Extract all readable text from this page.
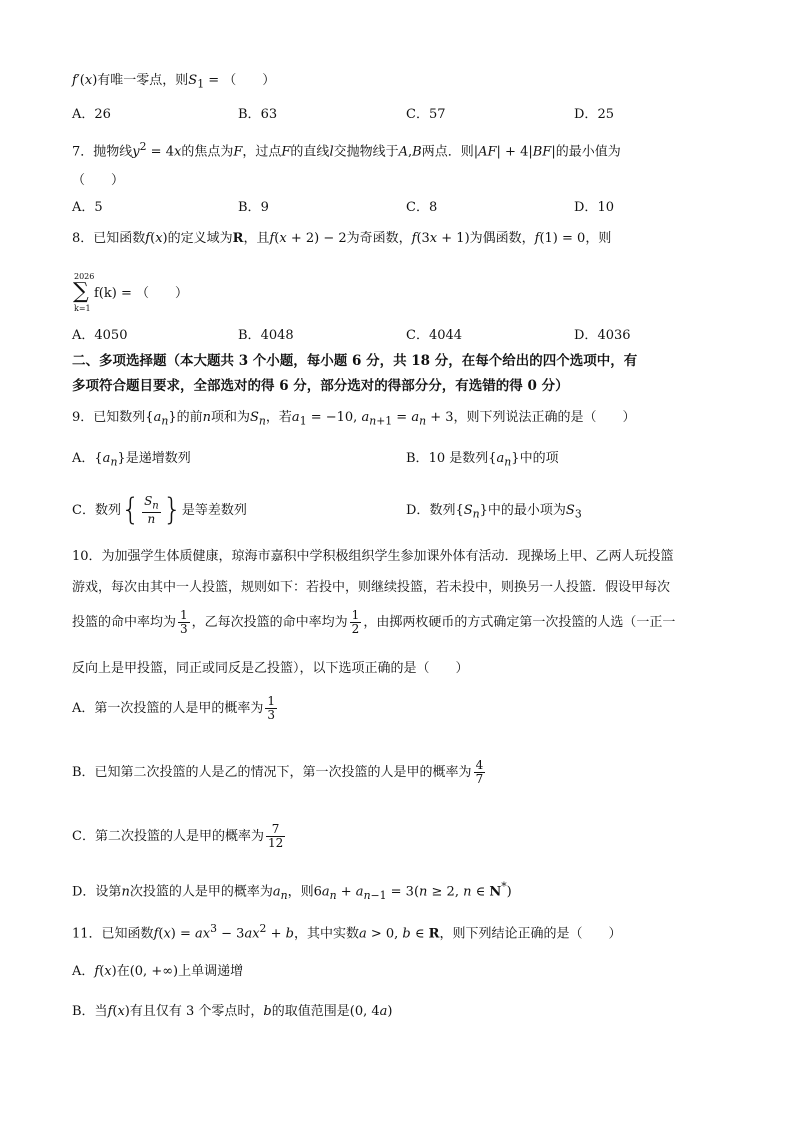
f′(x)有唯一零点，则$S_1$ = （　　）
A．26	B．63	C．57	D．25
7．抛物线$y^2 = 4x$的焦点为F，过点F的直线l交抛物线于A,B两点．则|AF| + 4|BF|的最小值为
（　　）
A．5	B．9	C．8	D．10
8．已知函数f(x)的定义域为R，且f(x + 2) − 2为奇函数，f(3x + 1)为偶函数，f(1) = 0，则
2026
∑
k=1
f(k) = （　　）
A．4050	B．4048	C．4044	D．4036
二、多项选择题（本大题共 3 个小题，每小题 6 分，共 18 分，在每个给出的四个选项中，有
多项符合题目要求，全部选对的得 6 分，部分选对的得部分分，有选错的得 0 分）
9．已知数列$\{a_n\}$的前n项和为$S_n$，若$a_1 = -10$, $a_{n+1} = a_n + 3$，则下列说法正确的是（　　）
A．$\{a_n\}$是递增数列	B．10 是数列$\{a_n\}$中的项
C．数列{ $\frac{S_n}{n}$ }是等差数列	D．数列$\{S_n\}$中的最小项为$S_3$
10．为加强学生体质健康，琼海市嘉积中学积极组织学生参加课外体有活动．现操场上甲、乙两人玩投篮
游戏，每次由其中一人投篮，规则如下：若投中，则继续投篮，若未投中，则换另一人投篮．假设甲每次
投篮的命中率均为 $\frac{1}{3}$ ，乙每次投篮的命中率均为 $\frac{1}{2}$ ，由掷两枚硬币的方式确定第一次投篮的人选（一正一
反向上是甲投篮，同正或同反是乙投篮），以下选项正确的是（　　）
A．第一次投篮的人是甲的概率为 $\frac{1}{3}$
B．已知第二次投篮的人是乙的情况下，第一次投篮的人是甲的概率为 $\frac{4}{7}$
C．第二次投篮的人是甲的概率为 $\frac{7}{12}$
D．设第n次投篮的人是甲的概率为$a_n$，则$6a_n + a_{n-1} = 3(n \ge 2$, n ∈ N*)
11．已知函数$f(x) = ax^3 - 3ax^2 + b$，其中实数a > 0, b ∈ R，则下列结论正确的是（　　）
A．f(x)在(0, +∞)上单调递增
B．当f(x)有且仅有 3 个零点时，b的取值范围是(0, 4a)
